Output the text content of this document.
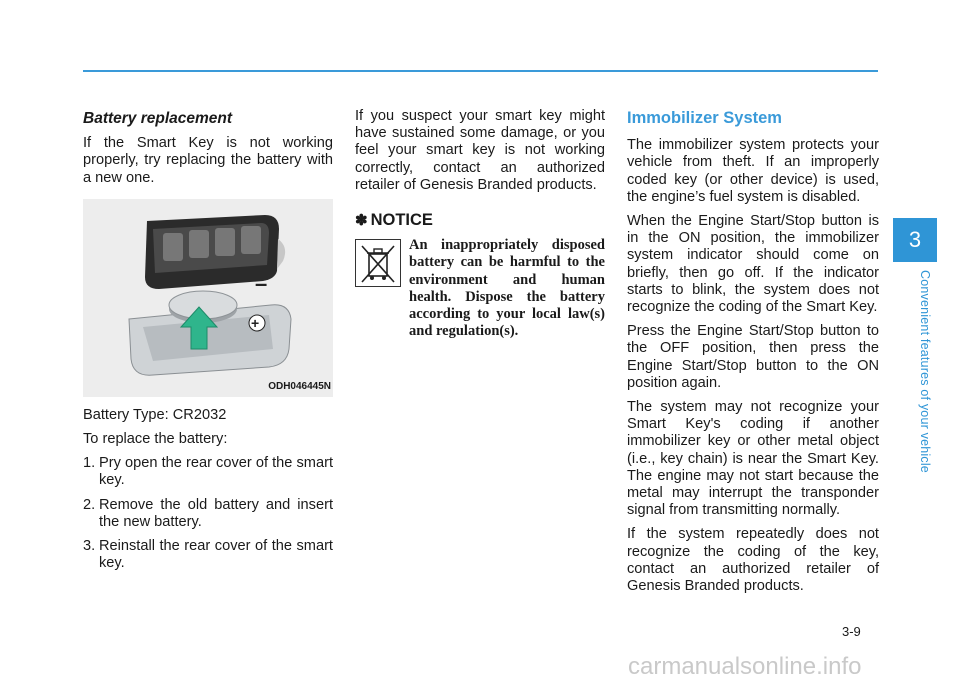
Battery replacement

If the Smart Key is not working properly, try replacing the battery with a new one.

–
+
ODH046445N

Battery Type: CR2032

To replace the battery:

1. Pry open the rear cover of the smart key.
2. Remove the old battery and insert the new battery.
3. Reinstall the rear cover of the smart key.

If you suspect your smart key might have sustained some damage, or you feel your smart key is not working correctly, contact an authorized retailer of Genesis Branded products.

✽ NOTICE

An inappropriately disposed battery can be harmful to the environment and human health. Dispose the battery according to your local law(s) and regulation(s).

Immobilizer System

The immobilizer system protects your vehicle from theft. If an improperly coded key (or other device) is used, the engine’s fuel system is disabled.

When the Engine Start/Stop button is in the ON position, the immobilizer system indicator should come on briefly, then go off. If the indicator starts to blink, the system does not recognize the coding of the Smart Key.

Press the Engine Start/Stop button to the OFF position, then press the Engine Start/Stop button to the ON position again.

The system may not recognize your Smart Key's coding if another immobilizer key or other metal object (i.e., key chain) is near the Smart Key. The engine may not start because the metal may interrupt the transponder signal from transmitting normally.

If the system repeatedly does not recognize the coding of the key, contact an authorized retailer of Genesis Branded products.

3
Convenient features of your vehicle
3-9
carmanualsonline.info
